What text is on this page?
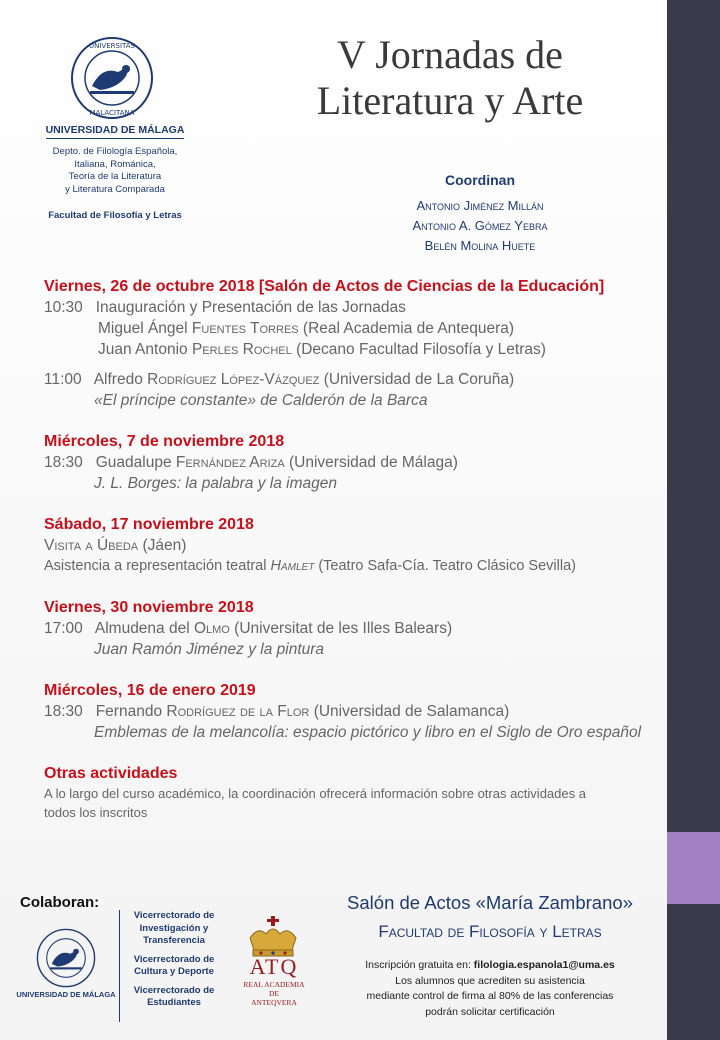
UNIVERSITAS
MALACITANA
UNIVERSIDAD DE MÁLAGA
Depto. de Filología Española,
Italiana, Románica,
Teoría de la Literatura
y Literatura Comparada
Facultad de Filosofía y Letras
V Jornadas de
Literatura y Arte
Coordinan
Antonio Jiménez Millán
Antonio A. Gómez Yebra
Belén Molina Huete
Viernes, 26 de octubre 2018 [Salón de Actos de Ciencias de la Educación]
10:30 Inauguración y Presentación de las Jornadas
Miguel Ángel Fuentes Torres (Real Academia de Antequera)
Juan Antonio Perles Rochel (Decano Facultad Filosofía y Letras)
11:00 Alfredo Rodríguez López-Vázquez (Universidad de La Coruña)
«El príncipe constante» de Calderón de la Barca
Miércoles, 7 de noviembre 2018
18:30 Guadalupe Fernández Ariza (Universidad de Málaga)
J. L. Borges: la palabra y la imagen
Sábado, 17 noviembre 2018
Visita a Úbeda (Jáen)
Asistencia a representación teatral Hamlet (Teatro Safa-Cía. Teatro Clásico Sevilla)
Viernes, 30 noviembre 2018
17:00 Almudena del Olmo (Universitat de les Illes Balears)
Juan Ramón Jiménez y la pintura
Miércoles, 16 de enero 2019
18:30 Fernando Rodríguez de la Flor (Universidad de Salamanca)
Emblemas de la melancolía: espacio pictórico y libro en el Siglo de Oro español
Otras actividades
A lo largo del curso académico, la coordinación ofrecerá información sobre otras actividades a todos los inscritos
Colaboran:
UNIVERSIDAD DE MÁLAGA
Vicerrectorado de Investigación y Transferencia
Vicerrectorado de Cultura y Deporte
Vicerrectorado de Estudiantes
ATQ
REAL ACADEMIA
DE
ANTEQVERA
Salón de Actos «María Zambrano»
Facultad de Filosofía y Letras
Inscripción gratuita en: filologia.espanola1@uma.es
Los alumnos que acrediten su asistencia
mediante control de firma al 80% de las conferencias
podrán solicitar certificación
